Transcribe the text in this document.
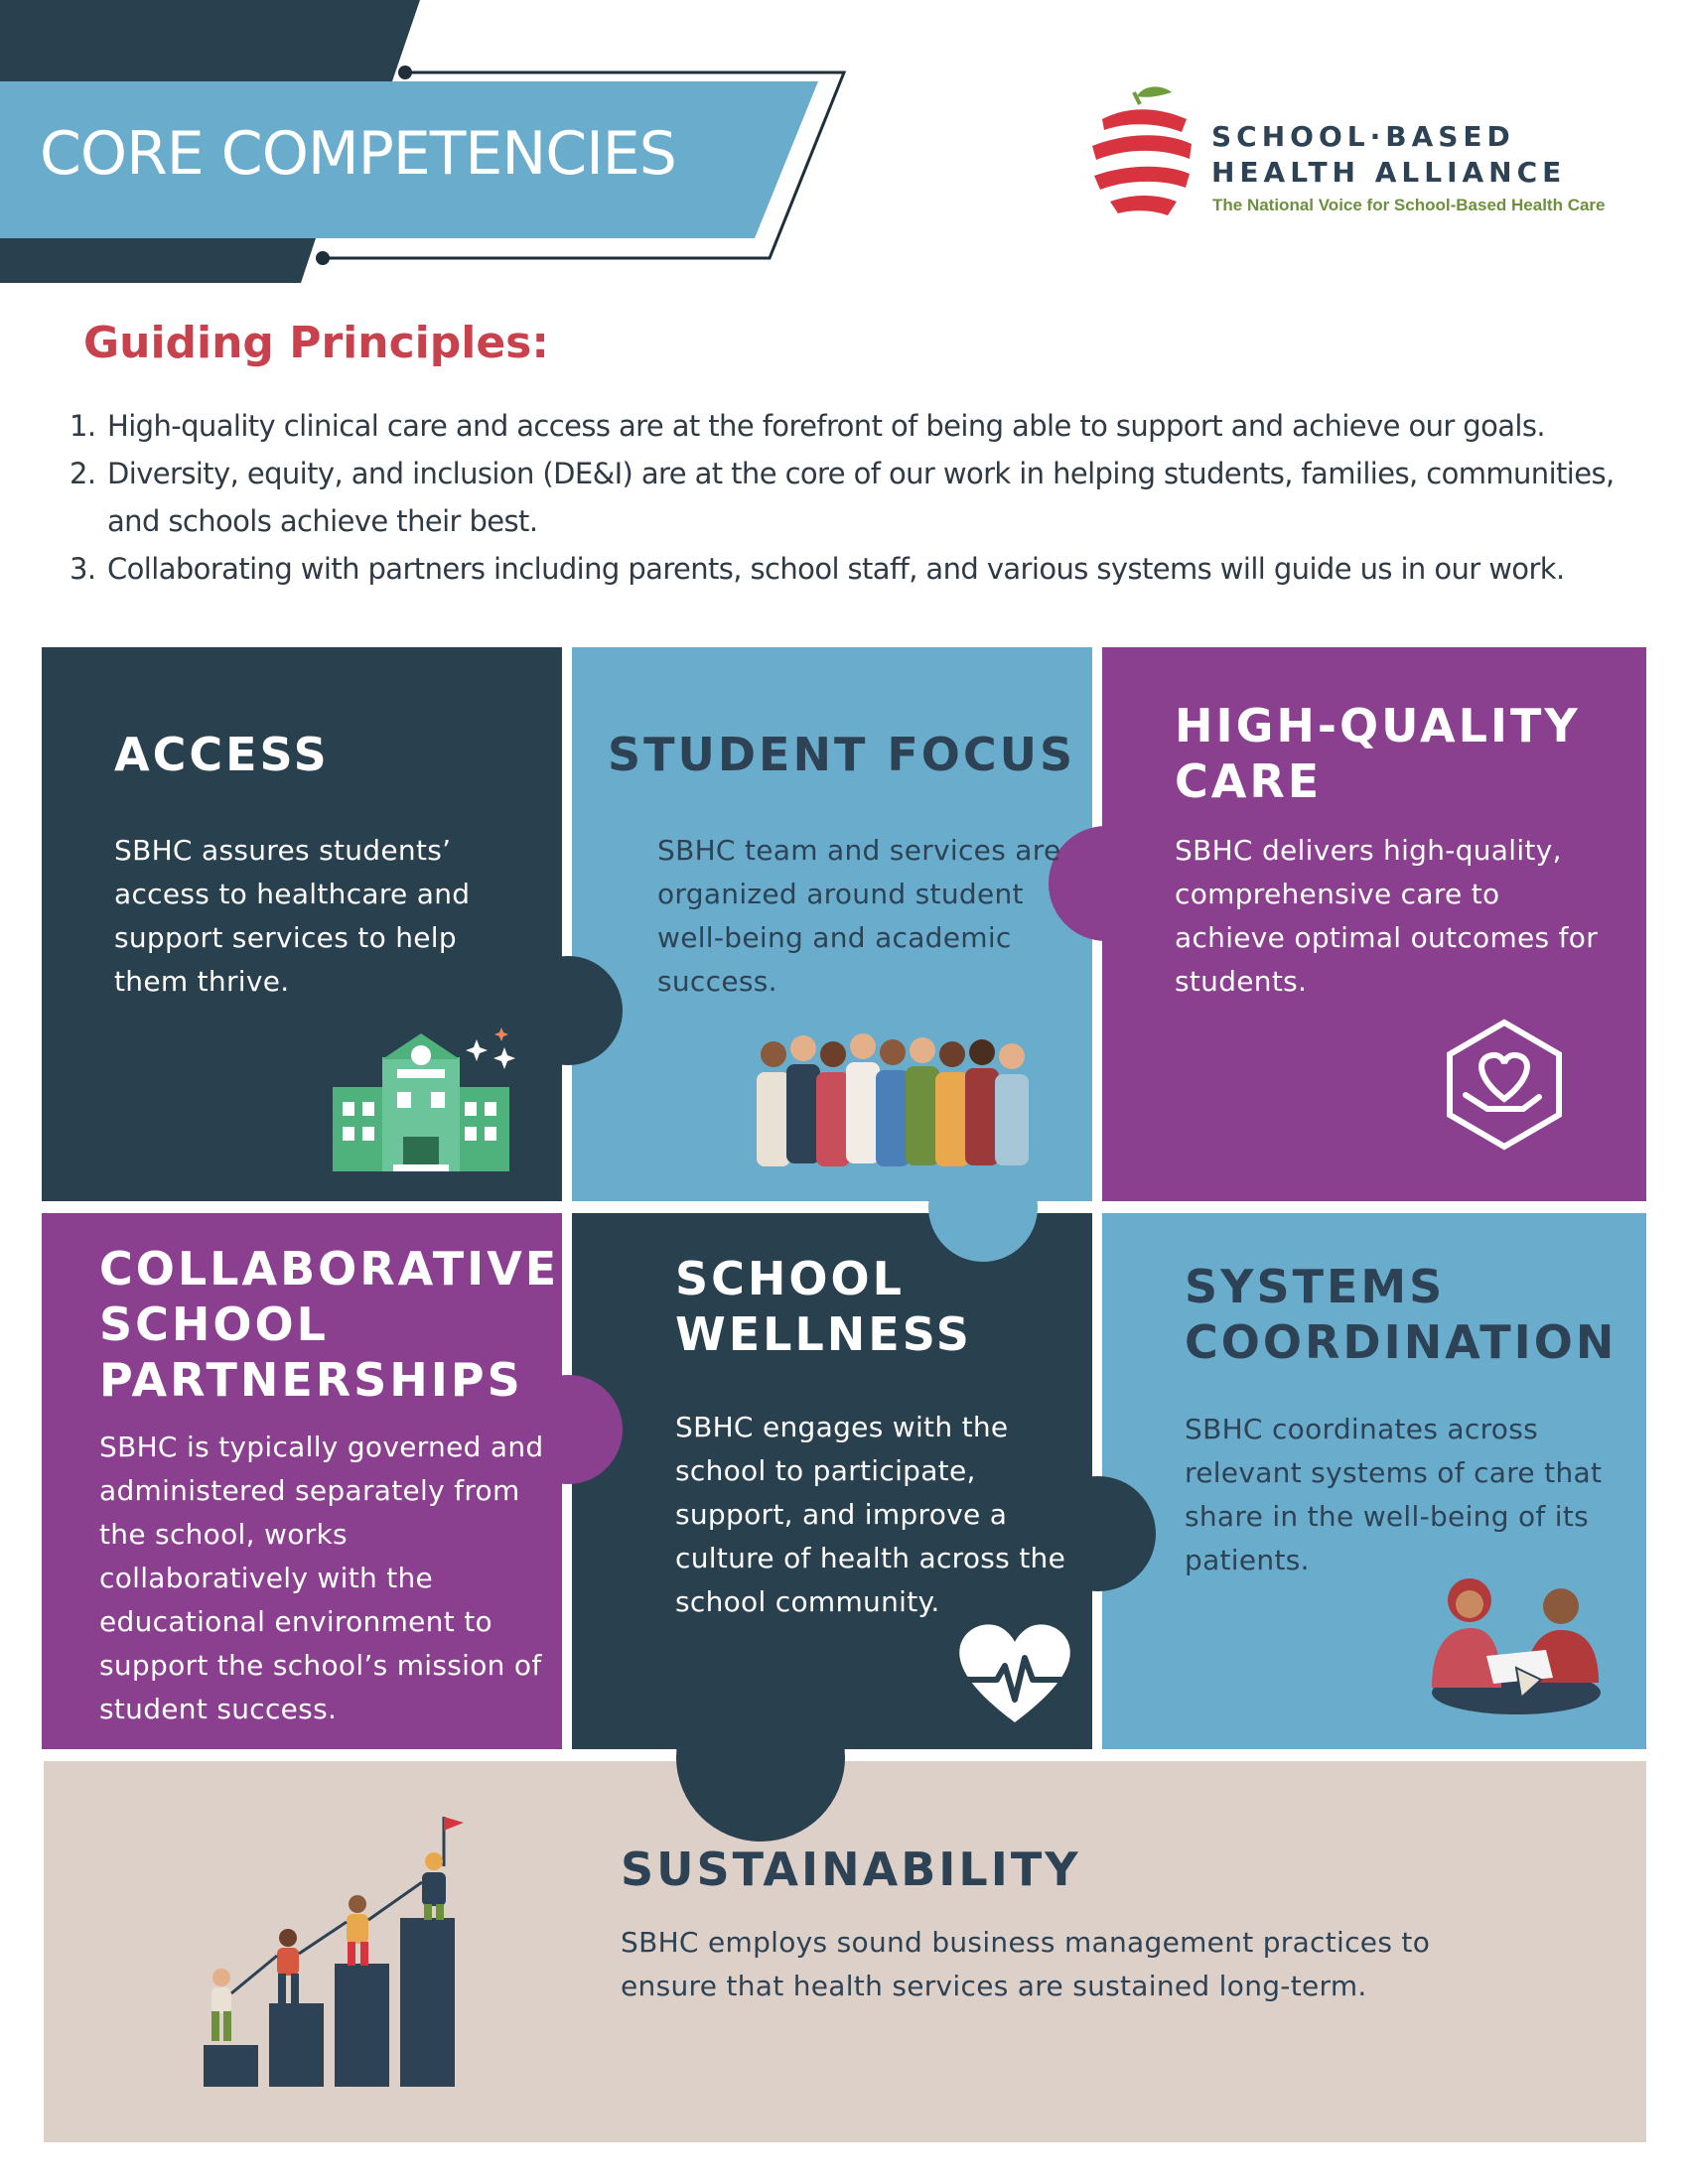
CORE COMPETENCIES	SCHOOL·BASED
HEALTH ALLIANCE
The National Voice for School-Based Health Care
Guiding Principles:
1. High-quality clinical care and access are at the forefront of being able to support and achieve our goals.
2. Diversity, equity, and inclusion (DE&I) are at the core of our work in helping students, families, communities, and schools achieve their best.
3. Collaborating with partners including parents, school staff, and various systems will guide us in our work.
ACCESS
SBHC assures students’ access to healthcare and support services to help them thrive.
STUDENT FOCUS
SBHC team and services are organized around student well-being and academic success.
HIGH-QUALITY CARE
SBHC delivers high-quality, comprehensive care to achieve optimal outcomes for students.
COLLABORATIVE SCHOOL PARTNERSHIPS
SBHC is typically governed and administered separately from the school, works collaboratively with the educational environment to support the school’s mission of student success.
SCHOOL WELLNESS
SBHC engages with the school to participate, support, and improve a culture of health across the school community.
SYSTEMS COORDINATION
SBHC coordinates across relevant systems of care that share in the well-being of its patients.
SUSTAINABILITY
SBHC employs sound business management practices to ensure that health services are sustained long-term.
